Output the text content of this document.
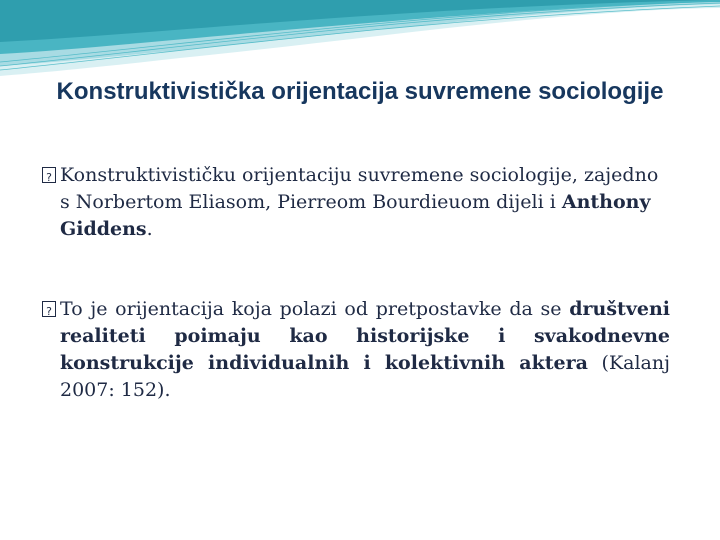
Konstruktivistička orijentacija suvremene sociologije
?
Konstruktivističku orijentaciju suvremene sociologije, zajedno s Norbertom Eliasom, Pierreom Bourdieuom dijeli i Anthony Giddens.
?
To je orijentacija koja polazi od pretpostavke da se društveni realiteti poimaju kao historijske i svakodnevne konstrukcije individualnih i kolektivnih aktera (Kalanj 2007: 152).
